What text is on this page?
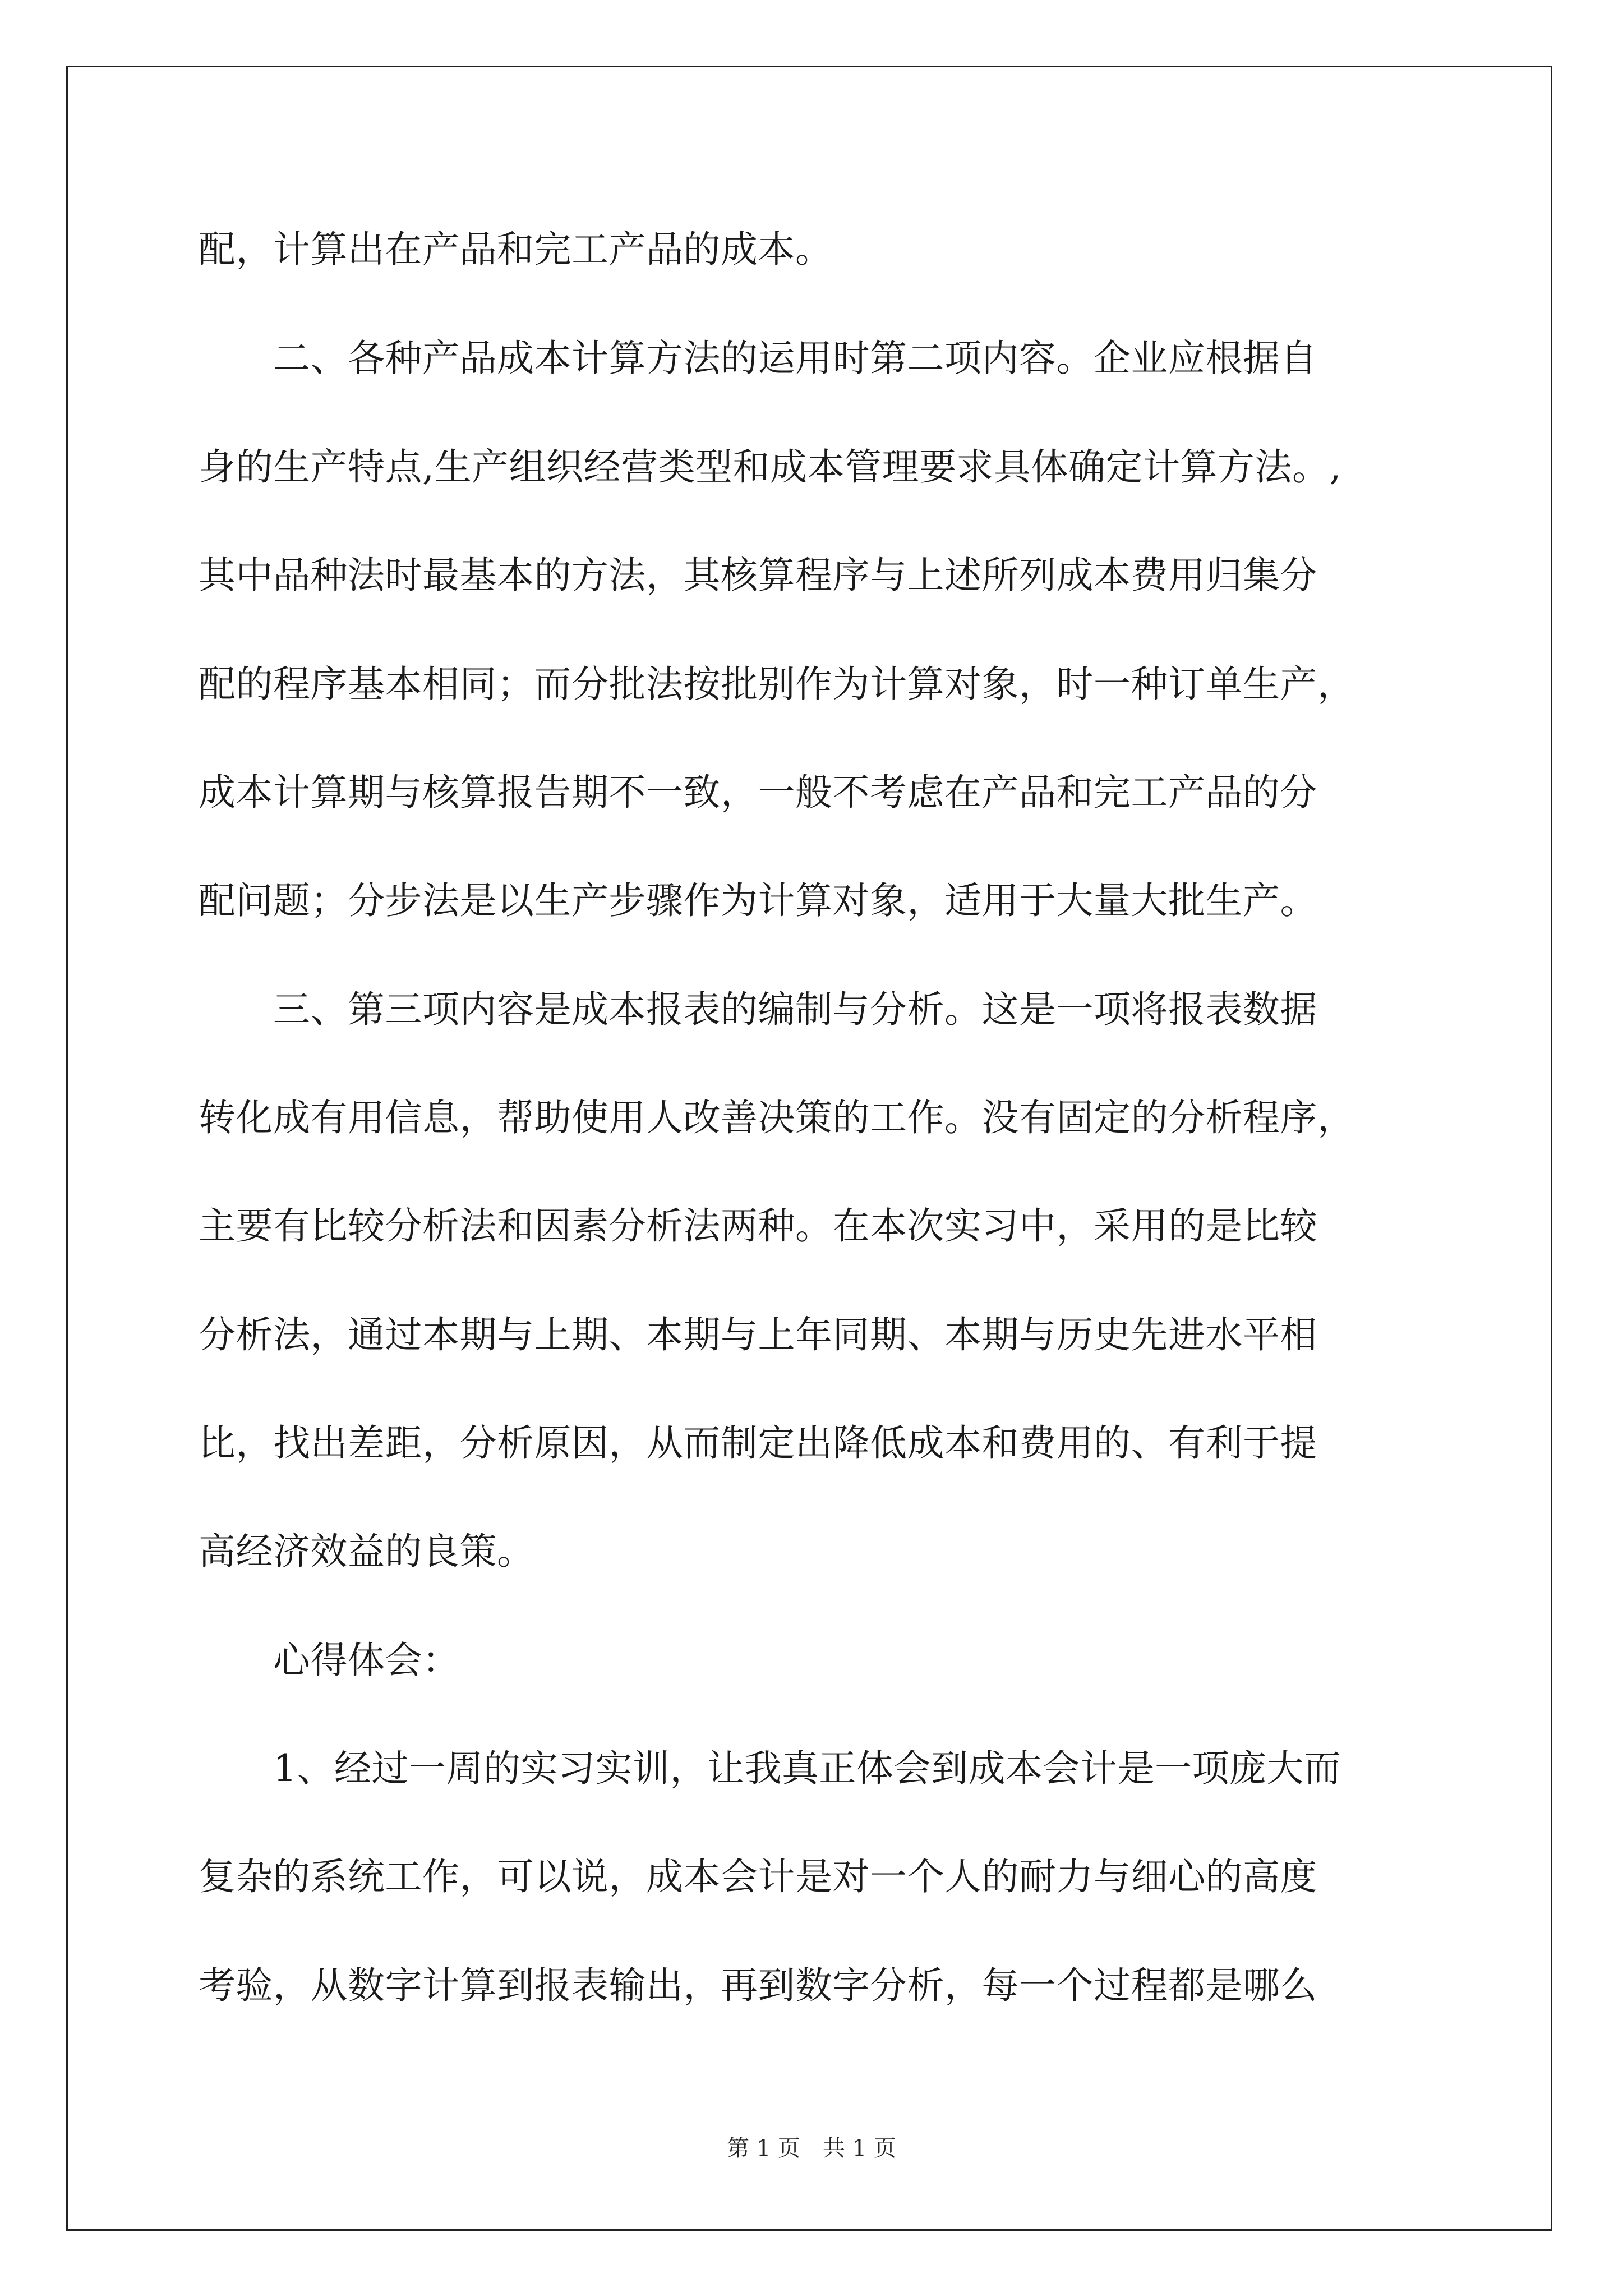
配，计算出在产品和完工产品的成本。
　　二、各种产品成本计算方法的运用时第二项内容。企业应根据自
身的生产特点,生产组织经营类型和成本管理要求具体确定计算方法。,
其中品种法时最基本的方法，其核算程序与上述所列成本费用归集分
配的程序基本相同；而分批法按批别作为计算对象，时一种订单生产，
成本计算期与核算报告期不一致，一般不考虑在产品和完工产品的分
配问题；分步法是以生产步骤作为计算对象，适用于大量大批生产。
　　三、第三项内容是成本报表的编制与分析。这是一项将报表数据
转化成有用信息，帮助使用人改善决策的工作。没有固定的分析程序，
主要有比较分析法和因素分析法两种。在本次实习中，采用的是比较
分析法，通过本期与上期、本期与上年同期、本期与历史先进水平相
比，找出差距，分析原因，从而制定出降低成本和费用的、有利于提
高经济效益的良策。
　　心得体会：
　　1、经过一周的实习实训，让我真正体会到成本会计是一项庞大而
复杂的系统工作，可以说，成本会计是对一个人的耐力与细心的高度
考验，从数字计算到报表输出，再到数字分析，每一个过程都是哪么
第 1 页　共 1 页
